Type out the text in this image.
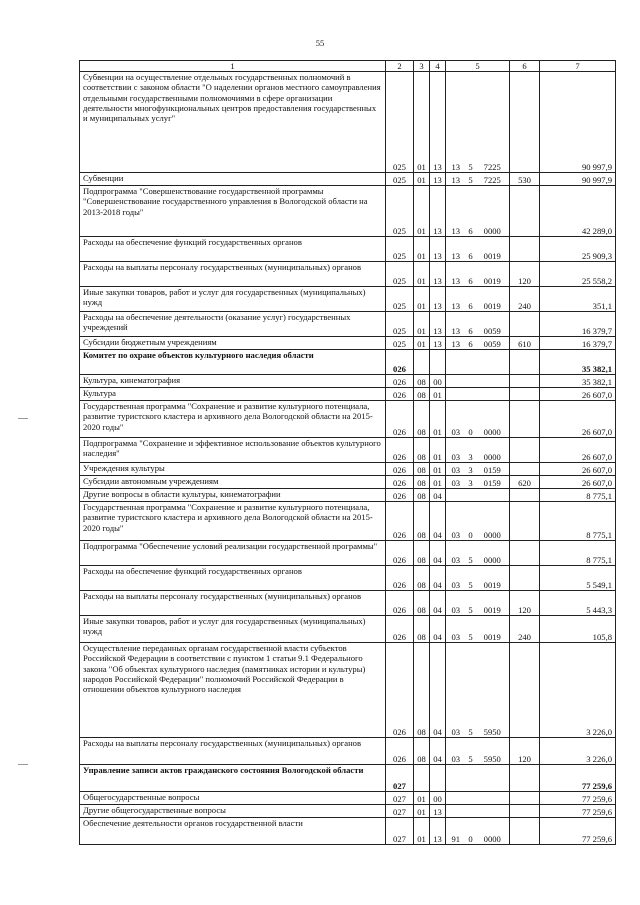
55
1	2	3	4	5			6	7
Субвенции на осуществление отдельных государственных полномочий в соответствии с законом области "О наделении органов местного самоуправления отдельными государственными полномочиями в сфере организации деятельности многофункциональных центров предоставления государственных и муниципальных услуг"	025	01	13	13	5	7225		90 997,9
Субвенции	025	01	13	13	5	7225	530	90 997,9
Подпрограмма "Совершенствование государственной программы "Совершенствование государственного управления в Вологодской области на 2013-2018 годы"	025	01	13	13	6	0000		42 289,0
Расходы на обеспечение функций государственных органов	025	01	13	13	6	0019		25 909,3
Расходы на выплаты персоналу государственных (муниципальных) органов	025	01	13	13	6	0019	120	25 558,2
Иные закупки товаров, работ и услуг для государственных (муниципальных) нужд	025	01	13	13	6	0019	240	351,1
Расходы на обеспечение деятельности (оказание услуг) государственных учреждений	025	01	13	13	6	0059		16 379,7
Субсидии бюджетным учреждениям	025	01	13	13	6	0059	610	16 379,7
Комитет по охране объектов культурного наследия области	026							35 382,1
Культура, кинематография	026	08	00					35 382,1
Культура	026	08	01					26 607,0
Государственная программа "Сохранение и развитие культурного потенциала, развитие туристского кластера и архивного дела Вологодской области на 2015-2020 годы"	026	08	01	03	0	0000		26 607,0
Подпрограмма "Сохранение и эффективное использование объектов культурного наследия"	026	08	01	03	3	0000		26 607,0
Учреждения культуры	026	08	01	03	3	0159		26 607,0
Субсидии автономным учреждениям	026	08	01	03	3	0159	620	26 607,0
Другие вопросы в области культуры, кинематографии	026	08	04					8 775,1
Государственная программа "Сохранение и развитие культурного потенциала, развитие туристского кластера и архивного дела Вологодской области на 2015-2020 годы"	026	08	04	03	0	0000		8 775,1
Подпрограмма "Обеспечение условий реализации государственной программы"	026	08	04	03	5	0000		8 775,1
Расходы на обеспечение функций государственных органов	026	08	04	03	5	0019		5 549,1
Расходы на выплаты персоналу государственных (муниципальных) органов	026	08	04	03	5	0019	120	5 443,3
Иные закупки товаров, работ и услуг для государственных (муниципальных) нужд	026	08	04	03	5	0019	240	105,8
Осуществление переданных органам государственной власти субъектов Российской Федерации в соответствии с пунктом 1 статьи 9.1 Федерального закона "Об объектах культурного наследия (памятниках истории и культуры) народов Российской Федерации" полномочий Российской Федерации в отношении объектов культурного наследия	026	08	04	03	5	5950		3 226,0
Расходы на выплаты персоналу государственных (муниципальных) органов	026	08	04	03	5	5950	120	3 226,0
Управление записи актов гражданского состояния Вологодской области	027							77 259,6
Общегосударственные вопросы	027	01	00					77 259,6
Другие общегосударственные вопросы	027	01	13					77 259,6
Обеспечение деятельности органов государственной власти	027	01	13	91	0	0000		77 259,6
